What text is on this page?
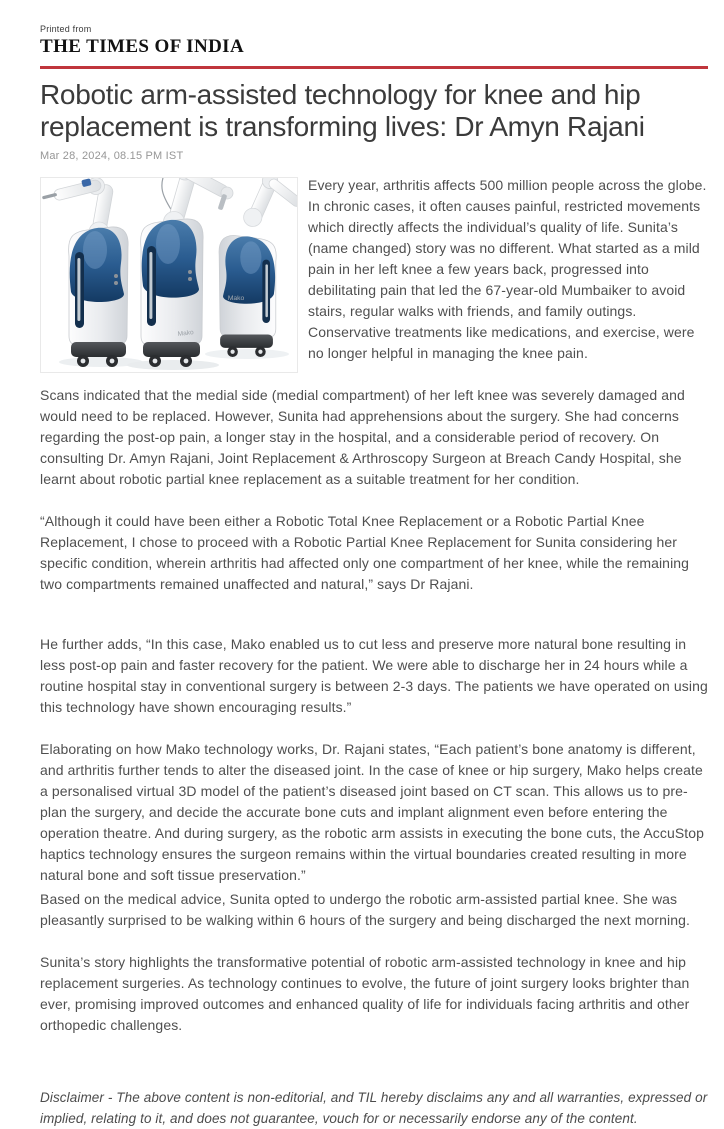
Printed from
THE TIMES OF INDIA
Robotic arm-assisted technology for knee and hip replacement is transforming lives: Dr Amyn Rajani
Mar 28, 2024, 08.15 PM IST
Mako
Mako

Every year, arthritis affects 500 million people across the globe. In chronic cases, it often causes painful, restricted movements which directly affects the individual’s quality of life. Sunita’s (name changed) story was no different. What started as a mild pain in her left knee a few years back, progressed into debilitating pain that led the 67-year-old Mumbaiker to avoid stairs, regular walks with friends, and family outings. Conservative treatments like medications, and exercise, were no longer helpful in managing the knee pain.

Scans indicated that the medial side (medial compartment) of her left knee was severely damaged and would need to be replaced. However, Sunita had apprehensions about the surgery. She had concerns regarding the post-op pain, a longer stay in the hospital, and a considerable period of recovery. On consulting Dr. Amyn Rajani, Joint Replacement & Arthroscopy Surgeon at Breach Candy Hospital, she learnt about robotic partial knee replacement as a suitable treatment for her condition.

“Although it could have been either a Robotic Total Knee Replacement or a Robotic Partial Knee Replacement, I chose to proceed with a Robotic Partial Knee Replacement for Sunita considering her specific condition, wherein arthritis had affected only one compartment of her knee, while the remaining two compartments remained unaffected and natural,” says Dr Rajani.

He further adds, “In this case, Mako enabled us to cut less and preserve more natural bone resulting in less post-op pain and faster recovery for the patient. We were able to discharge her in 24 hours while a routine hospital stay in conventional surgery is between 2-3 days. The patients we have operated on using this technology have shown encouraging results.”

Elaborating on how Mako technology works, Dr. Rajani states, “Each patient’s bone anatomy is different, and arthritis further tends to alter the diseased joint. In the case of knee or hip surgery, Mako helps create a personalised virtual 3D model of the patient’s diseased joint based on CT scan. This allows us to pre-plan the surgery, and decide the accurate bone cuts and implant alignment even before entering the operation theatre. And during surgery, as the robotic arm assists in executing the bone cuts, the AccuStop haptics technology ensures the surgeon remains within the virtual boundaries created resulting in more natural bone and soft tissue preservation.”

Based on the medical advice, Sunita opted to undergo the robotic arm-assisted partial knee. She was pleasantly surprised to be walking within 6 hours of the surgery and being discharged the next morning.

Sunita’s story highlights the transformative potential of robotic arm-assisted technology in knee and hip replacement surgeries. As technology continues to evolve, the future of joint surgery looks brighter than ever, promising improved outcomes and enhanced quality of life for individuals facing arthritis and other orthopedic challenges.

Disclaimer - The above content is non-editorial, and TIL hereby disclaims any and all warranties, expressed or implied, relating to it, and does not guarantee, vouch for or necessarily endorse any of the content.
